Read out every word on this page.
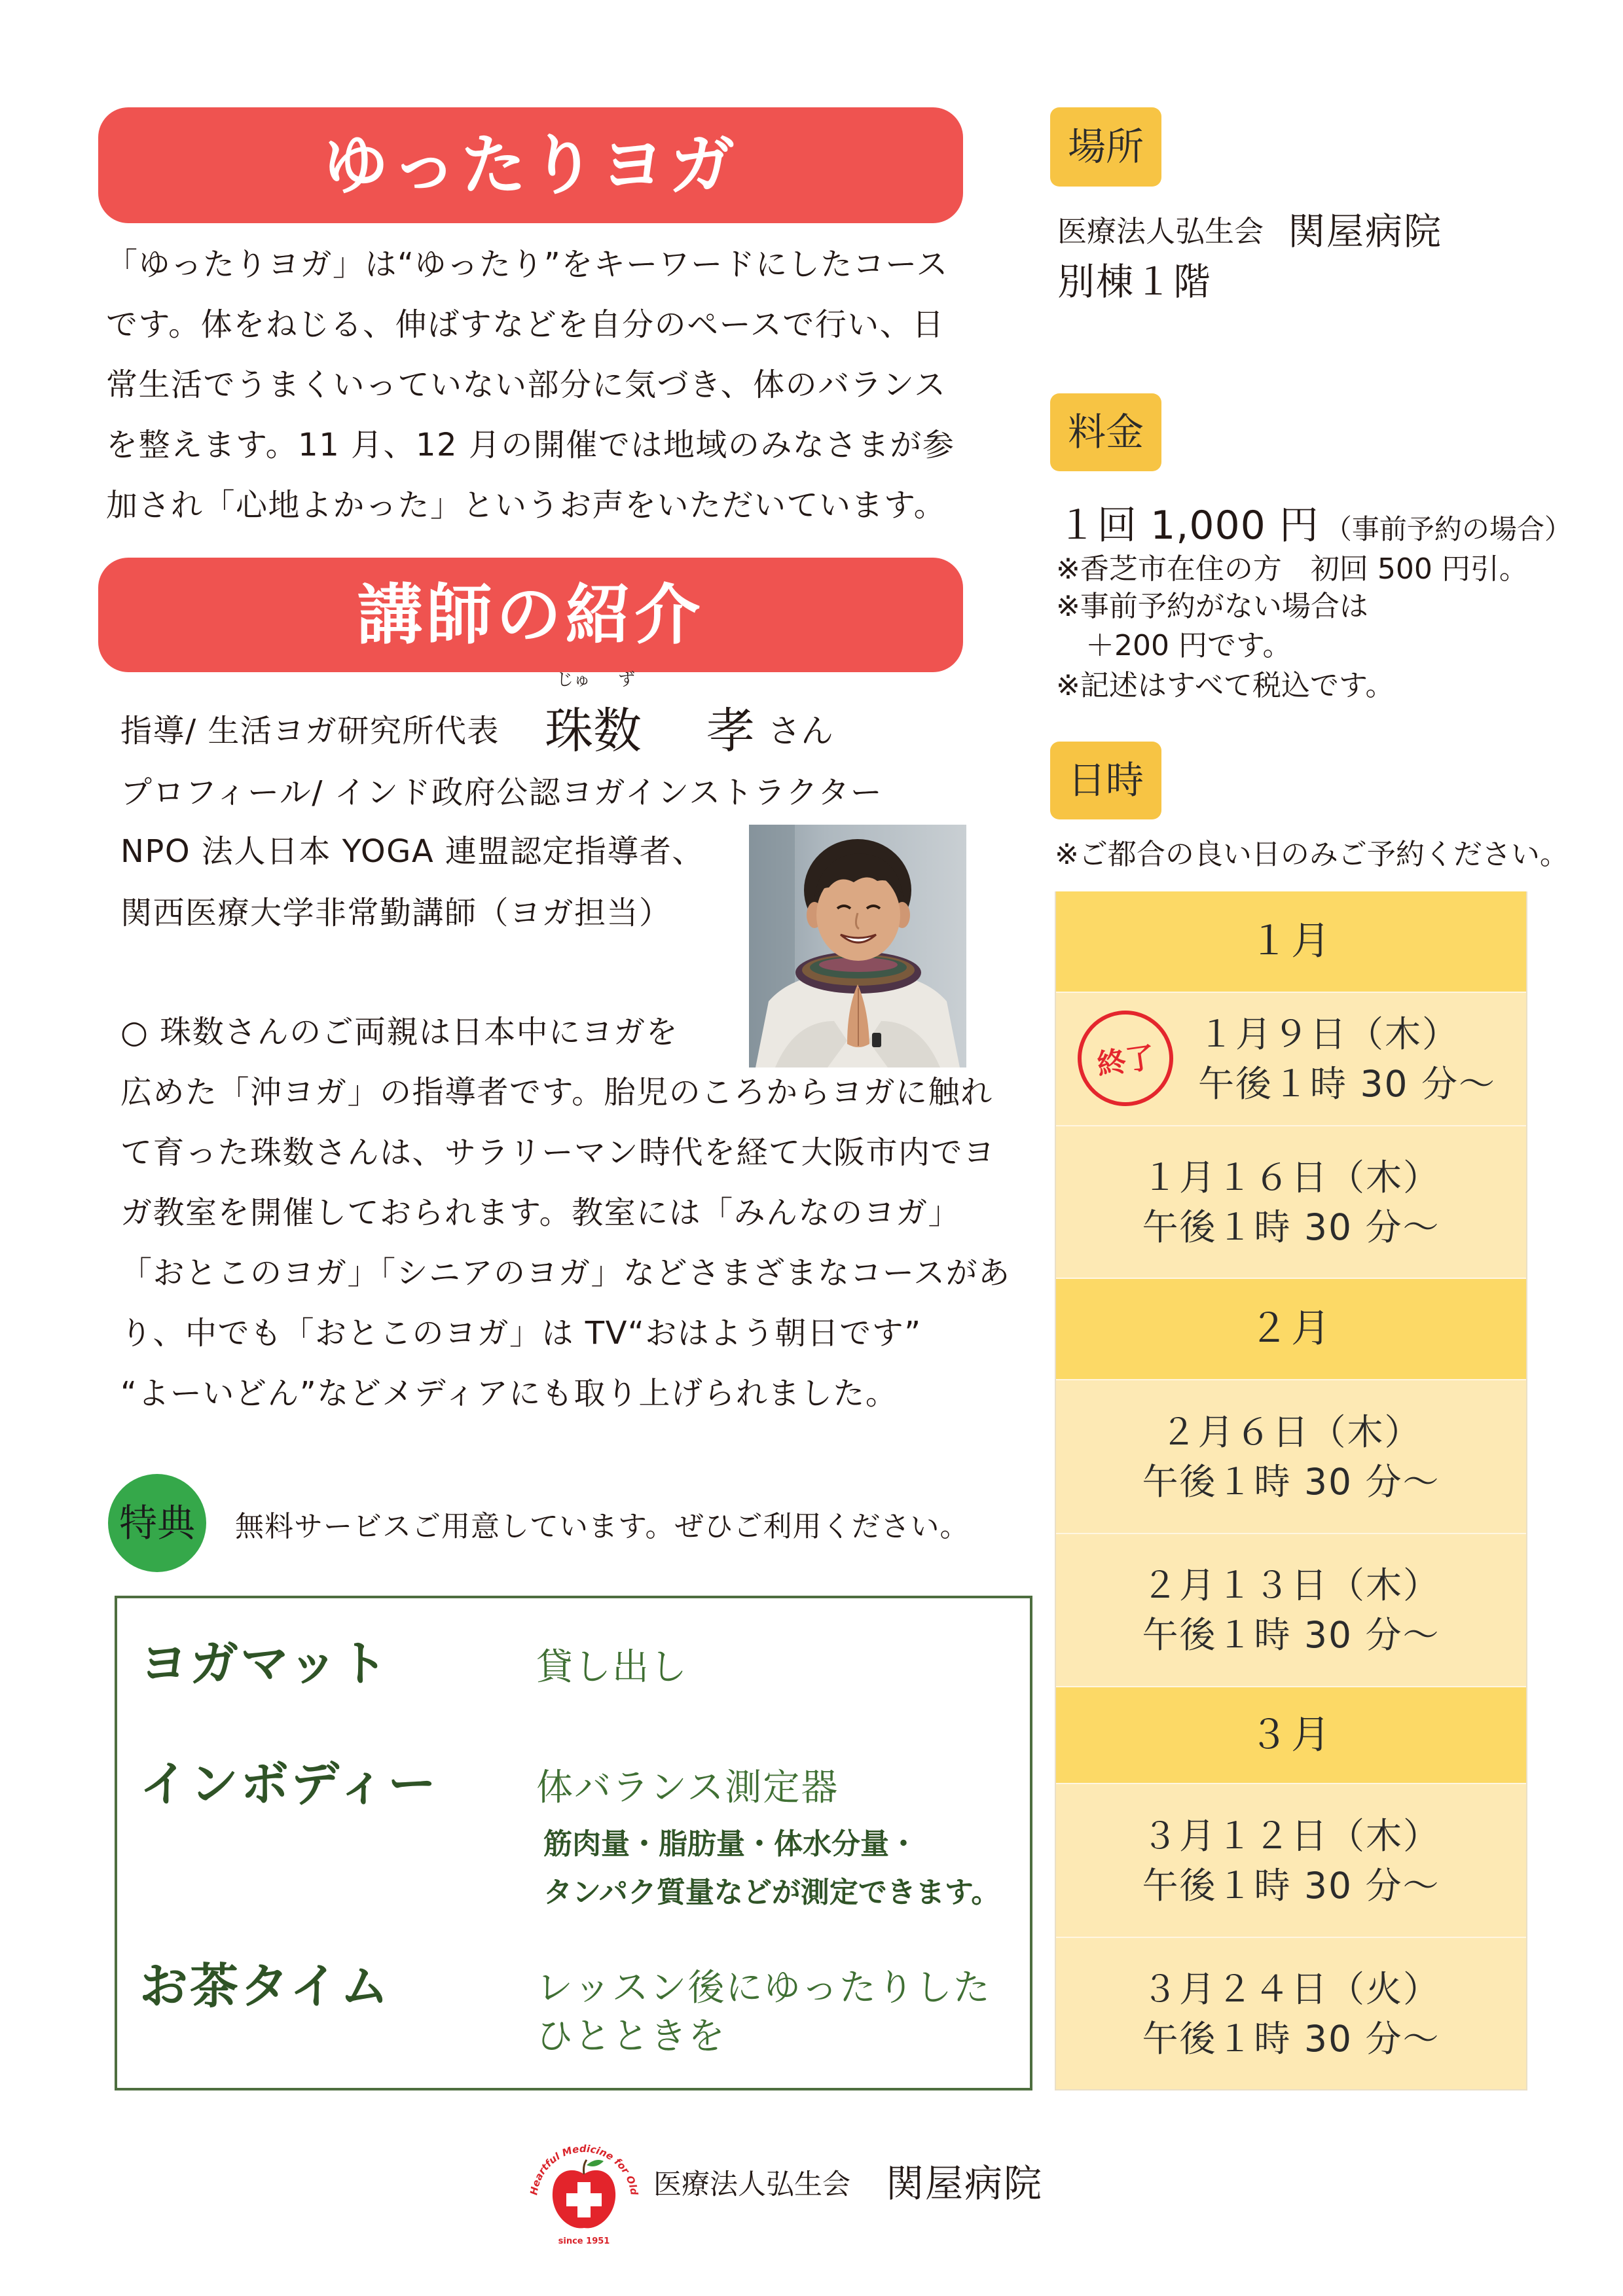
ゆったりヨガ
「ゆったりヨガ」は“ゆったり”をキーワードにしたコース
です。体をねじる、伸ばすなどを自分のペースで行い、日
常生活でうまくいっていない部分に気づき、体のバランス
を整えます。11 月、12 月の開催では地域のみなさまが参
加され「心地よかった」というお声をいただいています。
講師の紹介
じゅ ず
指導/ 生活ヨガ研究所代表 珠数 孝 さん
プロフィール/ インド政府公認ヨガインストラクター
NPO 法人日本 YOGA 連盟認定指導者、
関西医療大学非常勤講師（ヨガ担当）
○ 珠数さんのご両親は日本中にヨガを
広めた「沖ヨガ」の指導者です。胎児のころからヨガに触れ
て育った珠数さんは、サラリーマン時代を経て大阪市内でヨ
ガ教室を開催しておられます。教室には「みんなのヨガ」
「おとこのヨガ」「シニアのヨガ」などさまざまなコースがあ
り、中でも「おとこのヨガ」は TV“おはよう朝日です”
“よーいどん”などメディアにも取り上げられました。
特典	無料サービスご用意しています。ぜひご利用ください。
ヨガマット	貸し出し
インボディー	体バランス測定器
筋肉量・脂肪量・体水分量・
タンパク質量などが測定できます。
お茶タイム	レッスン後にゆったりした
ひとときを
Heartful Medicine for Old
since 1951
医療法人弘生会 関屋病院
場所
医療法人弘生会 関屋病院
別棟１階
料金
１回 1,000 円 （事前予約の場合）
※香芝市在住の方　初回 500 円引。
※事前予約がない場合は
＋200 円です。
※記述はすべて税込です。
日時
※ご都合の良い日のみご予約ください。
１月
終了
１月９日（木）
午後１時 30 分〜
１月１６日（木）
午後１時 30 分〜
２月
２月６日（木）
午後１時 30 分〜
２月１３日（木）
午後１時 30 分〜
３月
３月１２日（木）
午後１時 30 分〜
３月２４日（火）
午後１時 30 分〜
